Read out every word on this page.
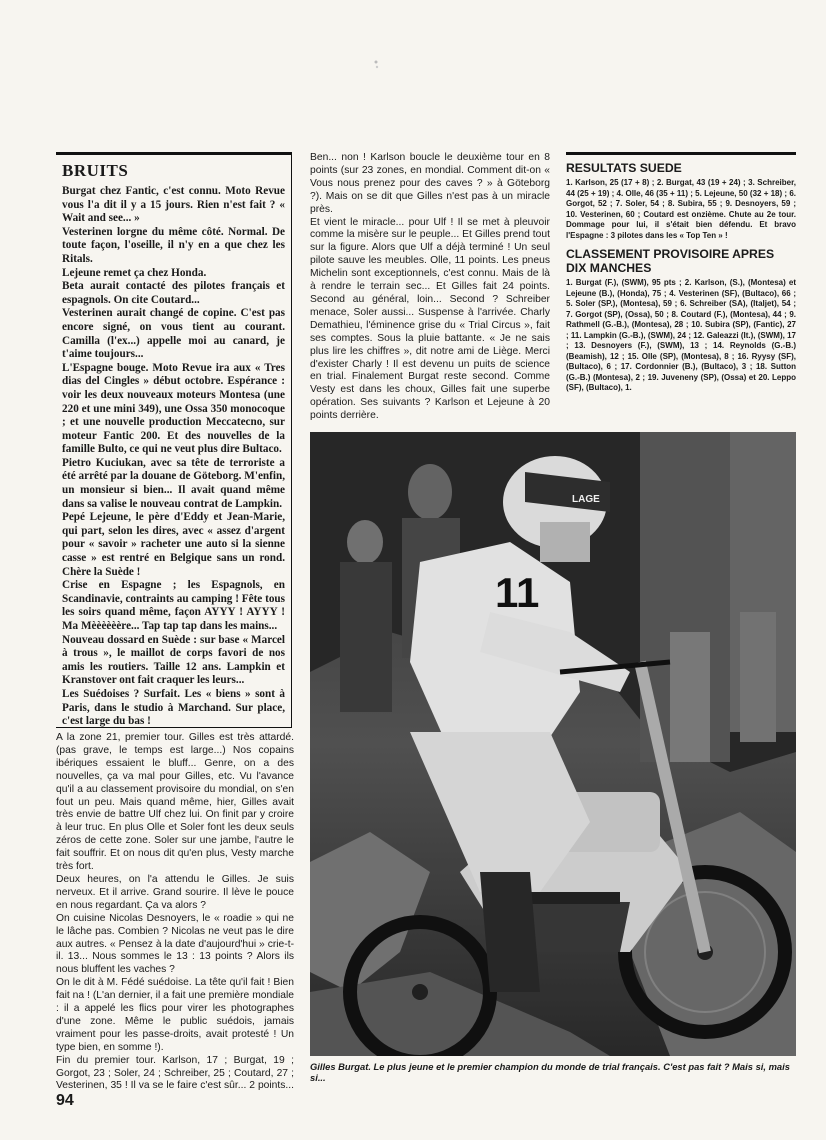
BRUITS

Burgat chez Fantic, c'est connu. Moto Revue vous l'a dit il y a 15 jours. Rien n'est fait ? « Wait and see... »

Vesterinen lorgne du même côté. Normal. De toute façon, l'oseille, il n'y en a que chez les Ritals.

Lejeune remet ça chez Honda.

Beta aurait contacté des pilotes français et espagnols. On cite Coutard...

Vesterinen aurait changé de copine. C'est pas encore signé, on vous tient au courant. Camilla (l'ex...) appelle moi au canard, je t'aime toujours...

L'Espagne bouge. Moto Revue ira aux « Tres dias del Cingles » début octobre. Espérance : voir les deux nouveaux moteurs Montesa (une 220 et une mini 349), une Ossa 350 monocoque ; et une nouvelle production Meccatecno, sur moteur Fantic 200. Et des nouvelles de la famille Bulto, ce qui ne veut plus dire Bultaco.

Pietro Kuciukan, avec sa tête de terroriste a été arrêté par la douane de Göteborg. M'enfin, un monsieur si bien... Il avait quand même dans sa valise le nouveau contrat de Lampkin.

Pepé Lejeune, le père d'Eddy et Jean-Marie, qui part, selon les dires, avec « assez d'argent pour « savoir » racheter une auto si la sienne casse » est rentré en Belgique sans un rond. Chère la Suède !

Crise en Espagne ; les Espagnols, en Scandinavie, contraints au camping ! Fête tous les soirs quand même, façon AYYY ! AYYY ! Ma Mèèèèèère... Tap tap tap dans les mains...

Nouveau dossard en Suède : sur base « Marcel à trous », le maillot de corps favori de nos amis les routiers. Taille 12 ans. Lampkin et Kranstover ont fait craquer les leurs...

Les Suédoises ? Surfait. Les « biens » sont à Paris, dans le studio à Marchand. Sur place, c'est large du bas !

A la zone 21, premier tour. Gilles est très attardé. (pas grave, le temps est large...) Nos copains ibériques essaient le bluff... Genre, on a des nouvelles, ça va mal pour Gilles, etc. Vu l'avance qu'il a au classement provisoire du mondial, on s'en fout un peu. Mais quand même, hier, Gilles avait très envie de battre Ulf chez lui. On finit par y croire à leur truc. En plus Olle et Soler font les deux seuls zéros de cette zone. Soler sur une jambe, l'autre le fait souffrir. Et on nous dit qu'en plus, Vesty marche très fort.

Deux heures, on l'a attendu le Gilles. Je suis nerveux. Et il arrive. Grand sourire. Il lève le pouce en nous regardant. Ça va alors ?

On cuisine Nicolas Desnoyers, le « roadie » qui ne le lâche pas. Combien ? Nicolas ne veut pas le dire aux autres. « Pensez à la date d'aujourd'hui » crie-t-il. 13... Nous sommes le 13 : 13 points ? Alors ils nous bluffent les vaches ?

On le dit à M. Fédé suédoise. La tête qu'il fait ! Bien fait na ! (L'an dernier, il a fait une première mondiale : il a appelé les flics pour virer les photographes d'une zone. Même le public suédois, jamais vraiment pour les passe-droits, avait protesté ! Un type bien, en somme !).

Fin du premier tour. Karlson, 17 ; Burgat, 19 ; Gorgot, 23 ; Soler, 24 ; Schreiber, 25 ; Coutard, 27 ; Vesterinen, 35 ! Il va se le faire c'est sûr... 2 points...

Ben... non ! Karlson boucle le deuxième tour en 8 points (sur 23 zones, en mondial. Comment dit-on « Vous nous prenez pour des caves ? » à Göteborg ?). Mais on se dit que Gilles n'est pas à un miracle près.

Et vient le miracle... pour Ulf ! Il se met à pleuvoir comme la misère sur le peuple... Et Gilles prend tout sur la figure. Alors que Ulf a déjà terminé ! Un seul pilote sauve les meubles. Olle, 11 points. Les pneus Michelin sont exceptionnels, c'est connu. Mais de là à rendre le terrain sec... Et Gilles fait 24 points. Second au général, loin... Second ? Schreiber menace, Soler aussi... Suspense à l'arrivée. Charly Demathieu, l'éminence grise du « Trial Circus », fait ses comptes. Sous la pluie battante. « Je ne sais plus lire les chiffres », dit notre ami de Liège. Merci d'exister Charly ! Il est devenu un puits de science en trial. Finalement Burgat reste second. Comme Vesty est dans les choux, Gilles fait une superbe opération. Ses suivants ? Karlson et Lejeune à 20 points derrière.

RESULTATS SUEDE

1. Karlson, 25 (17 + 8) ; 2. Burgat, 43 (19 + 24) ; 3. Schreiber, 44 (25 + 19) ; 4. Olle, 46 (35 + 11) ; 5. Lejeune, 50 (32 + 18) ; 6. Gorgot, 52 ; 7. Soler, 54 ; 8. Subira, 55 ; 9. Desnoyers, 59 ; 10. Vesterinen, 60 ; Coutard est onzième. Chute au 2e tour. Dommage pour lui, il s'était bien défendu. Et bravo l'Espagne : 3 pilotes dans les « Top Ten » !

CLASSEMENT PROVISOIRE APRES DIX MANCHES

1. Burgat (F.), (SWM), 95 pts ; 2. Karlson, (S.), (Montesa) et Lejeune (B.), (Honda), 75 ; 4. Vesterinen (SF), (Bultaco), 66 ; 5. Soler (SP.), (Montesa), 59 ; 6. Schreiber (SA), (Italjet), 54 ; 7. Gorgot (SP), (Ossa), 50 ; 8. Coutard (F.), (Montesa), 44 ; 9. Rathmell (G.-B.), (Montesa), 28 ; 10. Subira (SP), (Fantic), 27 ; 11. Lampkin (G.-B.), (SWM), 24 ; 12. Galeazzi (It.), (SWM), 17 ; 13. Desnoyers (F.), (SWM), 13 ; 14. Reynolds (G.-B.) (Beamish), 12 ; 15. Olle (SP), (Montesa), 8 ; 16. Ryysy (SF), (Bultaco), 6 ; 17. Cordonnier (B.), (Bultaco), 3 ; 18. Sutton (G.-B.) (Montesa), 2 ; 19. Juveneny (SP), (Ossa) et 20. Leppo (SF), (Bultaco), 1.

11
LAGE
Gilles Burgat. Le plus jeune et le premier champion du monde de trial français. C'est pas fait ? Mais si, mais si...
94
